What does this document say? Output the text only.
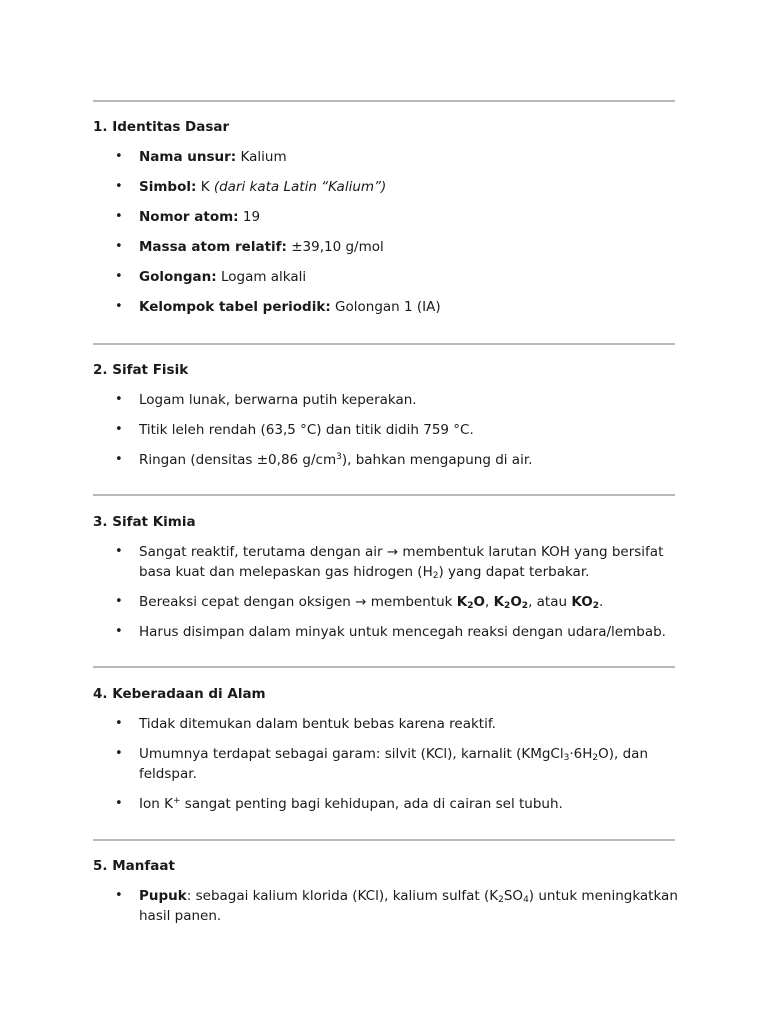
1. Identitas Dasar
• Nama unsur: Kalium
• Simbol: K (dari kata Latin “Kalium”)
• Nomor atom: 19
• Massa atom relatif: ±39,10 g/mol
• Golongan: Logam alkali
• Kelompok tabel periodik: Golongan 1 (IA)
2. Sifat Fisik
• Logam lunak, berwarna putih keperakan.
• Titik leleh rendah (63,5 °C) dan titik didih 759 °C.
• Ringan (densitas ±0,86 $g/cm^3$), bahkan mengapung di air.
3. Sifat Kimia
• Sangat reaktif, terutama dengan air → membentuk larutan KOH yang bersifat basa kuat dan melepaskan gas hidrogen $(H_2)$ yang dapat terbakar.
• Bereaksi cepat dengan oksigen → membentuk $K_2O$, $K_2O_2$, atau $KO_2$.
• Harus disimpan dalam minyak untuk mencegah reaksi dengan udara/lembab.
4. Keberadaan di Alam
• Tidak ditemukan dalam bentuk bebas karena reaktif.
• Umumnya terdapat sebagai garam: silvit (KCl), karnalit $(KMgCl_3\cdot 6H_2O)$, dan feldspar.
• Ion K+ sangat penting bagi kehidupan, ada di cairan sel tubuh.
5. Manfaat
• Pupuk: sebagai kalium klorida (KCl), kalium sulfat $(K_2SO_4)$ untuk meningkatkan hasil panen.
